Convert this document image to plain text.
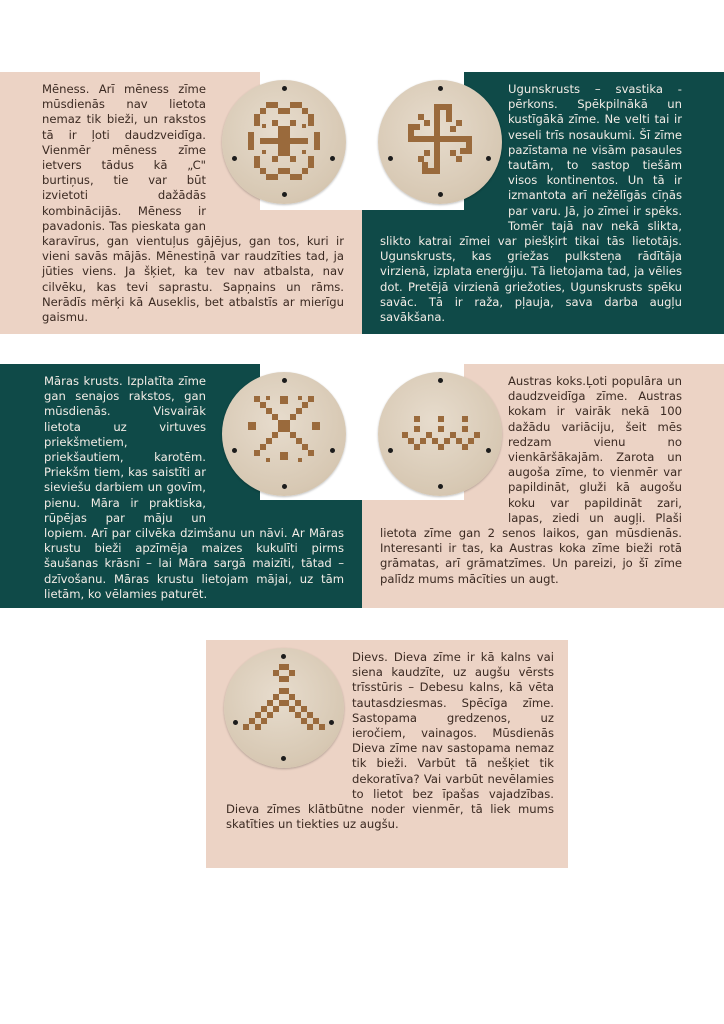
Mēness. Arī mēness zīme mūsdienās nav lietota nemaz tik bieži, un rakstos tā ir ļoti daudzveidīga. Vienmēr mēness zīme ietvers tādus kā „C" burtiņus, tie var būt izvietoti dažādās kombinācijās. Mēness ir pavadonis. Tas pieskata gan karavīrus, gan vientuļus gājējus, gan tos, kuri ir vieni savās mājās. Mēnestiņā var raudzīties tad, ja jūties viens. Ja šķiet, ka tev nav atbalsta, nav cilvēku, kas tevi saprastu. Sapņains un rāms. Nerādīs mērķi kā Auseklis, bet atbalstīs ar mierīgu gaismu.

Ugunskrusts – svastika - pērkons. Spēkpilnākā un kustīgākā zīme. Ne velti tai ir veseli trīs nosaukumi. Šī zīme pazīstama ne visām pasaules tautām, to sastop tiešām visos kontinentos. Un tā ir izmantota arī nežēlīgās cīņās par varu. Jā, jo zīmei ir spēks. Tomēr tajā nav nekā slikta, slikto katrai zīmei var piešķirt tikai tās lietotājs. Ugunskrusts, kas griežas pulksteņa rādītāja virzienā, izplata enerģiju. Tā lietojama tad, ja vēlies dot. Pretējā virzienā griežoties, Ugunskrusts spēku savāc. Tā ir raža, pļauja, sava darba augļu savākšana.

Māras krusts. Izplatīta zīme gan senajos rakstos, gan mūsdienās. Visvairāk lietota uz virtuves priekšmetiem, priekšautiem, karotēm. Priekšm tiem, kas saistīti ar sieviešu darbiem un govīm, pienu. Māra ir praktiska, rūpējas par māju un lopiem. Arī par cilvēka dzimšanu un nāvi. Ar Māras krustu bieži apzīmēja maizes kukulīti pirms šaušanas krāsnī – lai Māra sargā maizīti, tātad – dzīvošanu. Māras krustu lietojam mājai, uz tām lietām, ko vēlamies paturēt.

Austras koks.Ļoti populāra un daudzveidīga zīme. Austras kokam ir vairāk nekā 100 dažādu variāciju, šeit mēs redzam vienu no vienkāršākajām. Zarota un augoša zīme, to vienmēr var papildināt, gluži kā augošu koku var papildināt zari, lapas, ziedi un augļi. Plaši lietota zīme gan 2 senos laikos, gan mūsdienās. Interesanti ir tas, ka Austras koka zīme bieži rotā grāmatas, arī grāmatzīmes. Un pareizi, jo šī zīme palīdz mums mācīties un augt.

Dievs. Dieva zīme ir kā kalns vai siena kaudzīte, uz augšu vērsts trīsstūris – Debesu kalns, kā vēta tautasdziesmas. Spēcīga zīme. Sastopama gredzenos, uz ieročiem, vainagos. Mūsdienās Dieva zīme nav sastopama nemaz tik bieži. Varbūt tā nešķiet tik dekoratīva? Vai varbūt nevēlamies to lietot bez īpašas vajadzības. Dieva zīmes klātbūtne noder vienmēr, tā liek mums skatīties un tiekties uz augšu.
